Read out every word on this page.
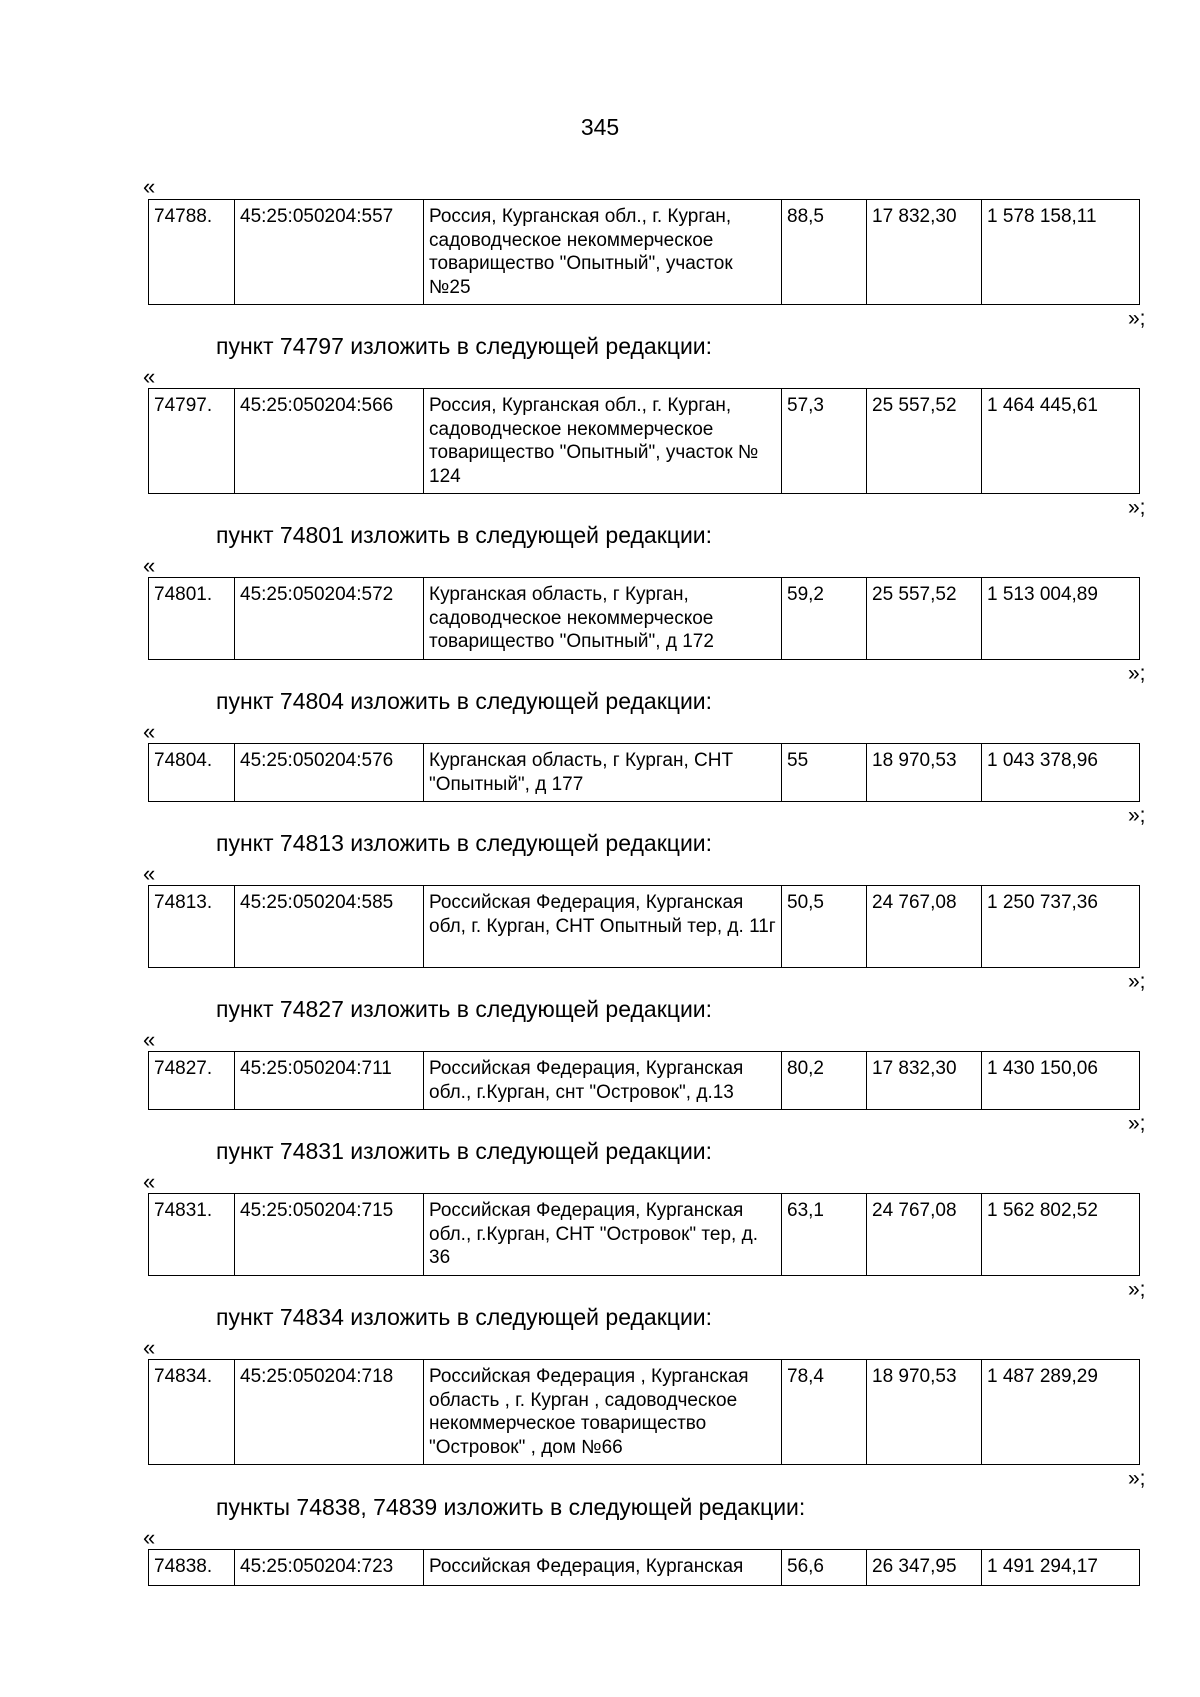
345
«
74788.	45:25:050204:557	Россия, Курганская обл., г. Курган, садоводческое некоммерческое товарищество "Опытный", участок №25	88,5	17 832,30	1 578 158,11
»;
пункт 74797 изложить в следующей редакции:
«
74797.	45:25:050204:566	Россия, Курганская обл., г. Курган, садоводческое некоммерческое товарищество "Опытный", участок № 124	57,3	25 557,52	1 464 445,61
»;
пункт 74801 изложить в следующей редакции:
«
74801.	45:25:050204:572	Курганская область, г Курган, садоводческое некоммерческое товарищество "Опытный", д 172	59,2	25 557,52	1 513 004,89
»;
пункт 74804 изложить в следующей редакции:
«
74804.	45:25:050204:576	Курганская область, г Курган, СНТ "Опытный", д 177	55	18 970,53	1 043 378,96
»;
пункт 74813 изложить в следующей редакции:
«
74813.	45:25:050204:585	Российская Федерация, Курганская обл, г. Курган, СНТ Опытный тер, д. 11г	50,5	24 767,08	1 250 737,36
»;
пункт 74827 изложить в следующей редакции:
«
74827.	45:25:050204:711	Российская Федерация, Курганская обл., г.Курган, снт "Островок", д.13	80,2	17 832,30	1 430 150,06
»;
пункт 74831 изложить в следующей редакции:
«
74831.	45:25:050204:715	Российская Федерация, Курганская обл., г.Курган, СНТ "Островок" тер, д. 36	63,1	24 767,08	1 562 802,52
»;
пункт 74834 изложить в следующей редакции:
«
74834.	45:25:050204:718	Российская Федерация , Курганская область , г. Курган , садоводческое некоммерческое товарищество "Островок" , дом №66	78,4	18 970,53	1 487 289,29
»;
пункты 74838, 74839 изложить в следующей редакции:
«
74838.	45:25:050204:723	Российская Федерация, Курганская	56,6	26 347,95	1 491 294,17
